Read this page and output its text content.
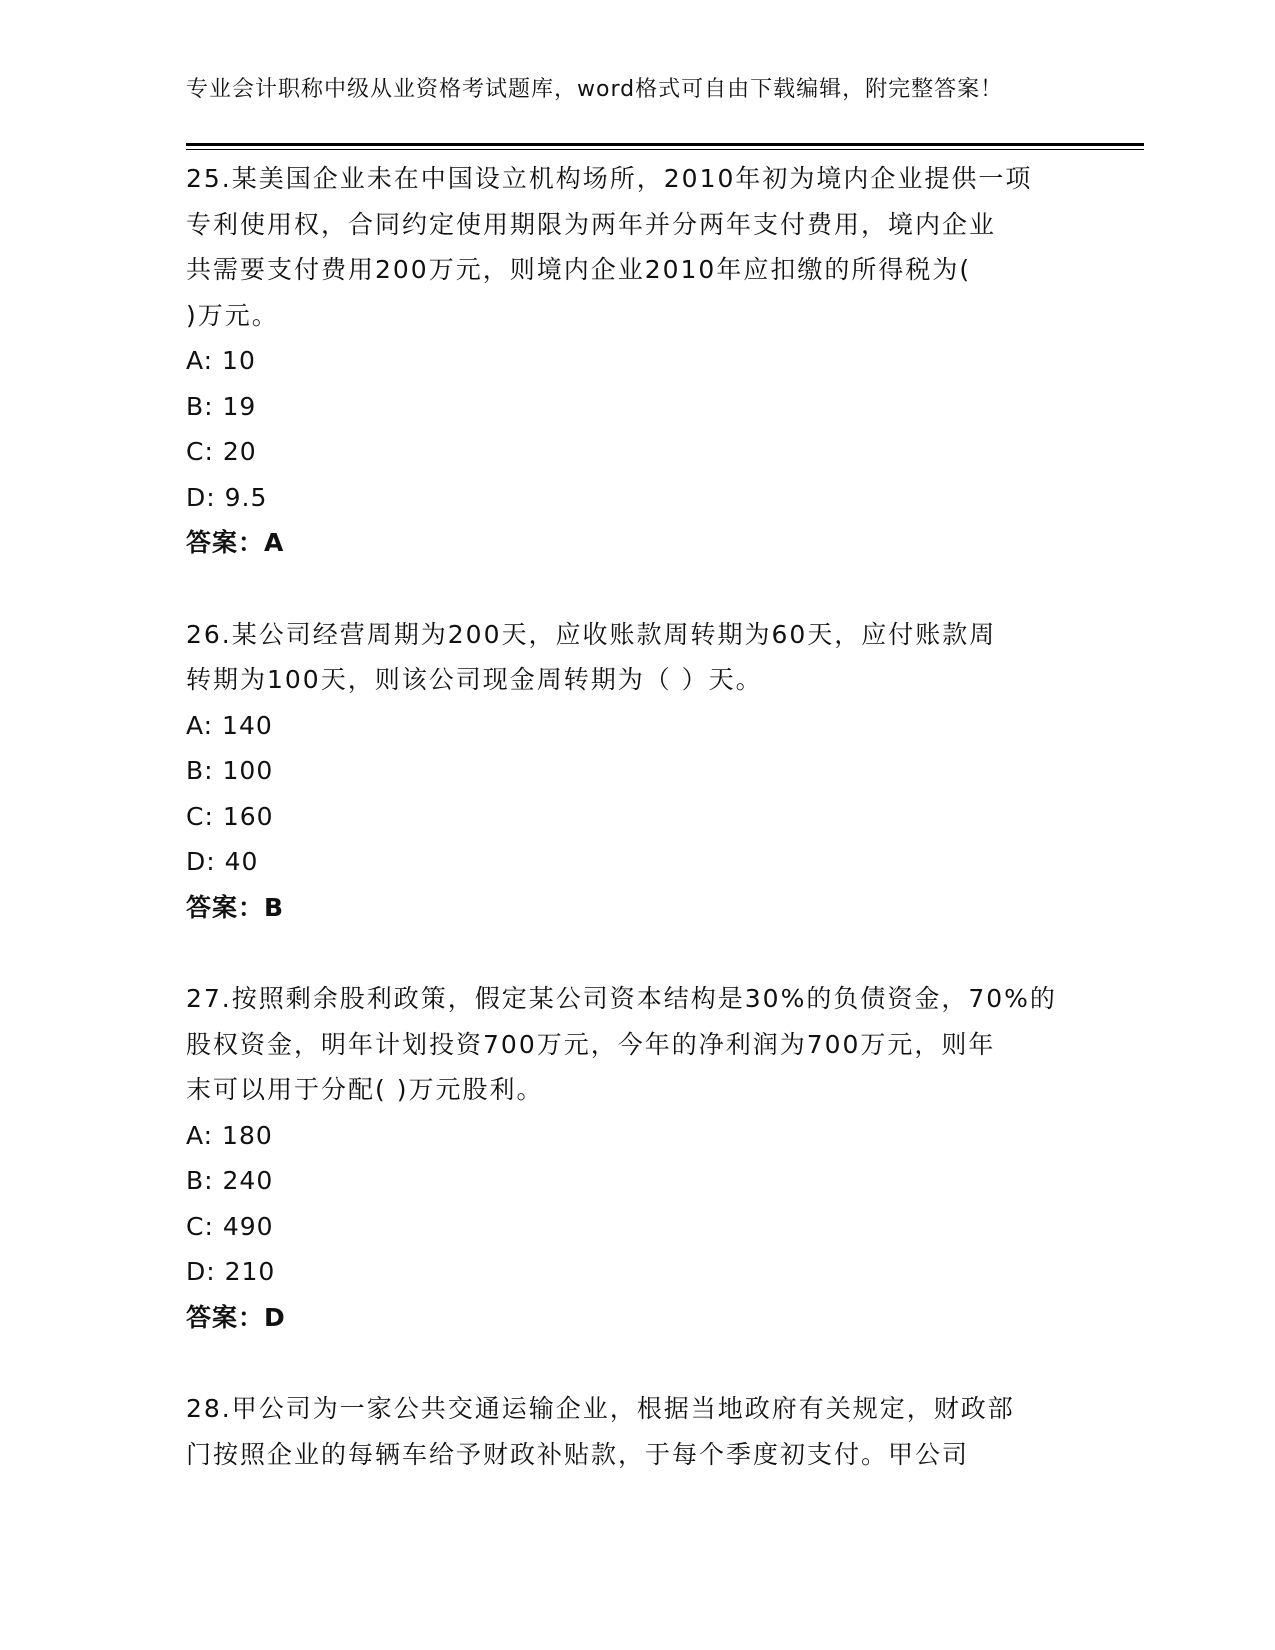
专业会计职称中级从业资格考试题库，word格式可自由下载编辑，附完整答案！
25.某美国企业未在中国设立机构场所，2010年初为境内企业提供一项
专利使用权，合同约定使用期限为两年并分两年支付费用，境内企业
共需要支付费用200万元，则境内企业2010年应扣缴的所得税为(
)万元。
A: 10
B: 19
C: 20
D: 9.5
答案：A
26.某公司经营周期为200天，应收账款周转期为60天，应付账款周
转期为100天，则该公司现金周转期为（ ）天。
A: 140
B: 100
C: 160
D: 40
答案：B
27.按照剩余股利政策，假定某公司资本结构是30%的负债资金，70%的
股权资金，明年计划投资700万元，今年的净利润为700万元，则年
末可以用于分配( )万元股利。
A: 180
B: 240
C: 490
D: 210
答案：D
28.甲公司为一家公共交通运输企业，根据当地政府有关规定，财政部
门按照企业的每辆车给予财政补贴款，于每个季度初支付。甲公司
